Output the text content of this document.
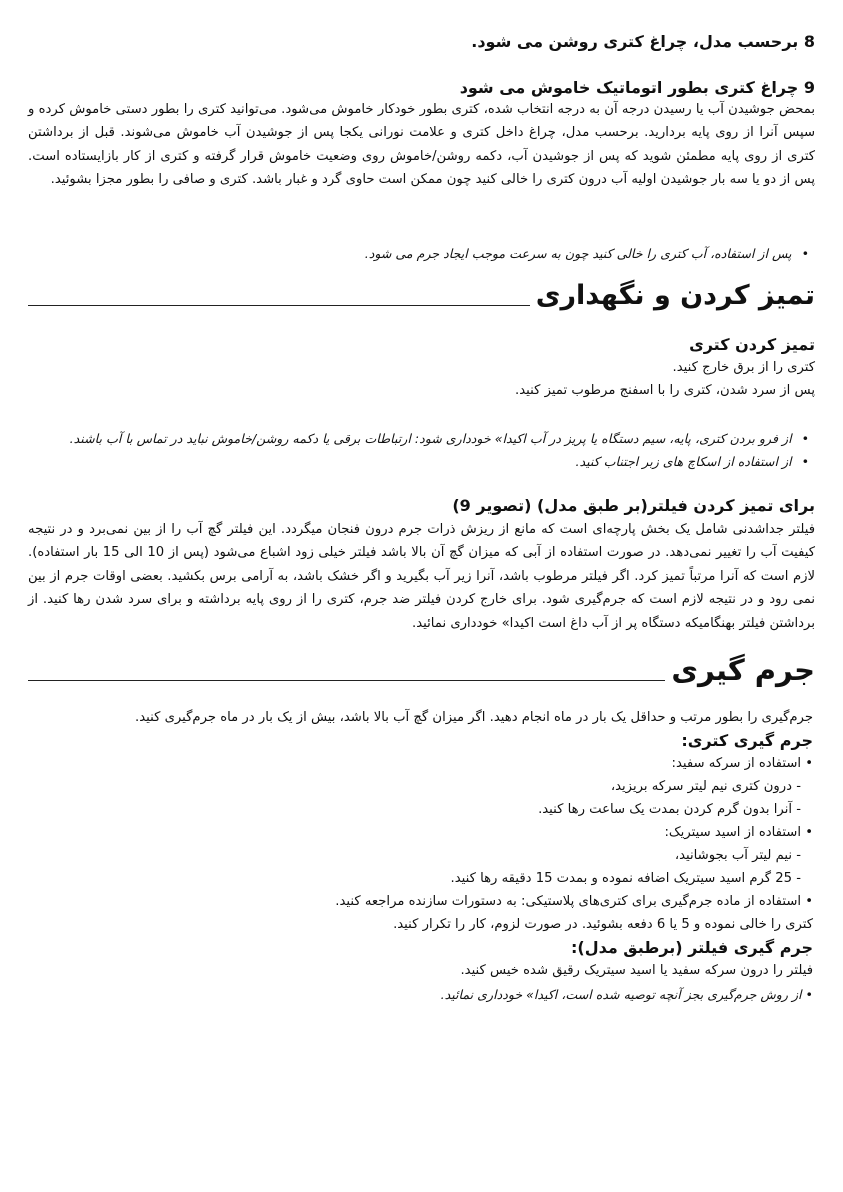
8 برحسب مدل، چراغ کتری روشن می شود.
9 چراغ کتری بطور اتوماتیک خاموش می شود
بمحض جوشیدن آب یا رسیدن درجه آن به درجه انتخاب شده، کتری بطور خودکار خاموش می‌شود. می‌توانید کتری را بطور دستی خاموش کرده و سپس آنرا از روی پایه بردارید. برحسب مدل، چراغ داخل کتری و علامت نورانی یکجا پس از جوشیدن آب خاموش می‌شوند. قبل از برداشتن کتری از روی پایه مطمئن شوید که پس از جوشیدن آب، دکمه روشن/خاموش روی وضعیت خاموش قرار گرفته و کتری از کار بازایستاده است. پس از دو یا سه بار جوشیدن اولیه آب درون کتری را خالی کنید چون ممکن است حاوی گرد و غبار باشد. کتری و صافی را بطور مجزا بشوئید.
• پس از استفاده، آب کتری را خالی کنید چون به سرعت موجب ایجاد جرم می شود.
تمیز کردن و نگهداری
تمیز کردن کتری
کتری را از برق خارج کنید.
پس از سرد شدن، کتری را با اسفنج مرطوب تمیز کنید.
• از فرو بردن کتری، پایه، سیم دستگاه یا پریز در آب اکیدا» خودداری شود: ارتباطات برقی یا دکمه روشن/خاموش نباید در تماس با آب باشند.
• از استفاده از اسکاچ های زبر اجتناب کنید.
برای تمیز کردن فیلتر(بر طبق مدل) (تصویر 9)
فیلتر جداشدنی شامل یک بخش پارچه‌ای است که مانع از ریزش ذرات جرم درون فنجان میگردد. این فیلتر گچ آب را از بین نمی‌برد و در نتیجه کیفیت آب را تغییر نمی‌دهد. در صورت استفاده از آبی که میزان گچ آن بالا باشد فیلتر خیلی زود اشباع می‌شود (پس از 10 الی 15 بار استفاده). لازم است که آنرا مرتباً تمیز کرد. اگر فیلتر مرطوب باشد، آنرا زیر آب بگیرید و اگر خشک باشد، به آرامی برس بکشید. بعضی اوقات جرم از بین نمی رود و در نتیجه لازم است که جرم‌گیری شود. برای خارج کردن فیلتر ضد جرم، کتری را از روی پایه برداشته و برای سرد شدن رها کنید. از برداشتن فیلتر بهنگامیکه دستگاه پر از آب داغ است اکیدا» خودداری نمائید.
جرم گیری
جرم‌گیری را بطور مرتب و حداقل یک بار در ماه انجام دهید. اگر میزان گچ آب بالا باشد، بیش از یک بار در ماه جرم‌گیری کنید.
جرم گیری کتری:
• استفاده از سرکه سفید:
- درون کتری نیم لیتر سرکه بریزید،
- آنرا بدون گرم کردن بمدت یک ساعت رها کنید.
• استفاده از اسید سیتریک:
- نیم لیتر آب بجوشانید،
- 25 گرم اسید سیتریک اضافه نموده و بمدت 15 دقیقه رها کنید.
• استفاده از ماده جرم‌گیری برای کتری‌های پلاستیکی: به دستورات سازنده مراجعه کنید.
کتری را خالی نموده و 5 یا 6 دفعه بشوئید. در صورت لزوم، کار را تکرار کنید.
جرم گیری فیلتر (برطبق مدل):
فیلتر را درون سرکه سفید یا اسید سیتریک رقیق شده خیس کنید.
• از روش جرم‌گیری بجز آنچه توصیه شده است، اکیدا» خودداری نمائید.
